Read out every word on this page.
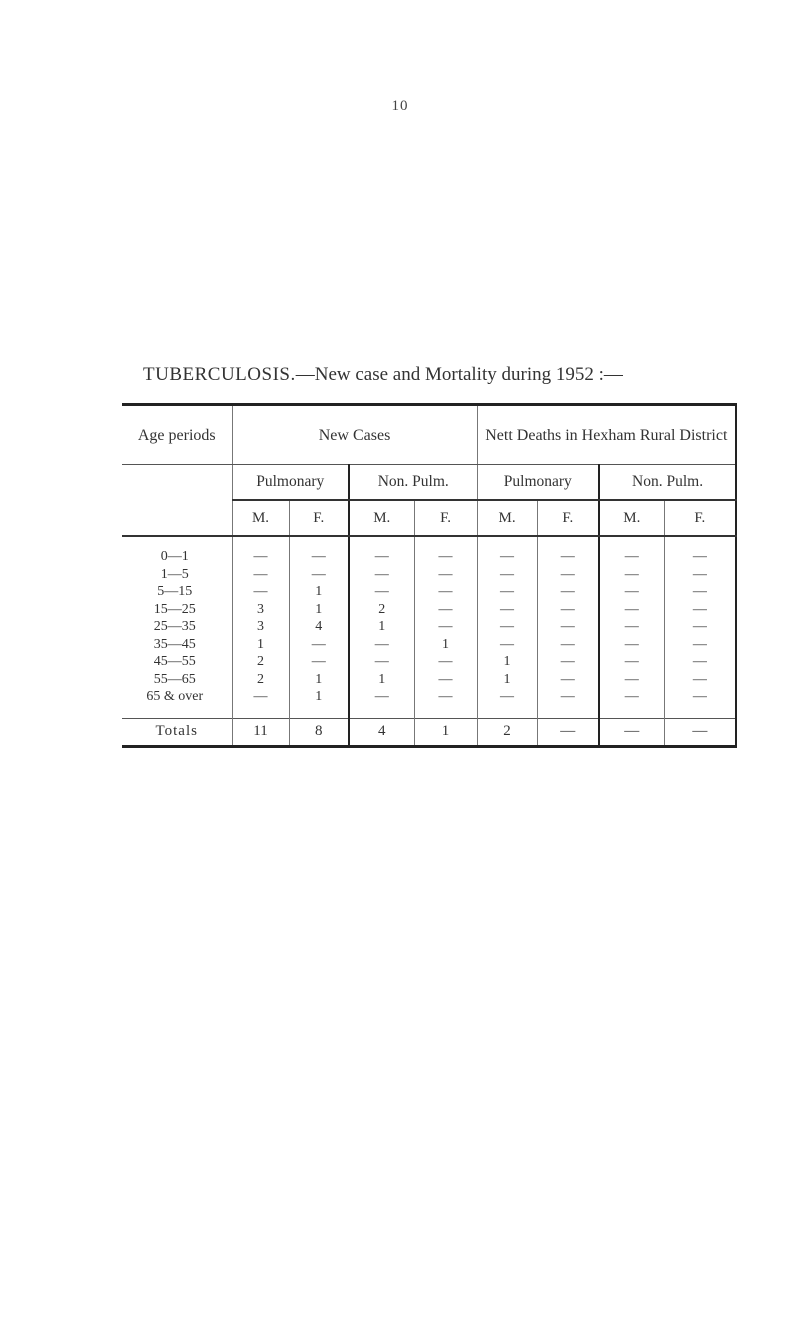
10
TUBERCULOSIS.—New case and Mortality during 1952 :—
Age periods	New Cases				Nett Deaths in Hexham Rural District			
	Pulmonary		Non. Pulm.		Pulmonary		Non. Pulm.	
	M.	F.	M.	F.	M.	F.	M.	F.

0—1	—	—	—	—	—	—	—	—
1—5	—	—	—	—	—	—	—	—
5—15	—	1	—	—	—	—	—	—
15—25	3	1	2	—	—	—	—	—
25—35	3	4	1	—	—	—	—	—
35—45	1	—	—	1	—	—	—	—
45—55	2	—	—	—	1	—	—	—
55—65	2	1	1	—	1	—	—	—
65 & over	—	1	—	—	—	—	—	—

Totals	11	8	4	1	2	—	—	—
